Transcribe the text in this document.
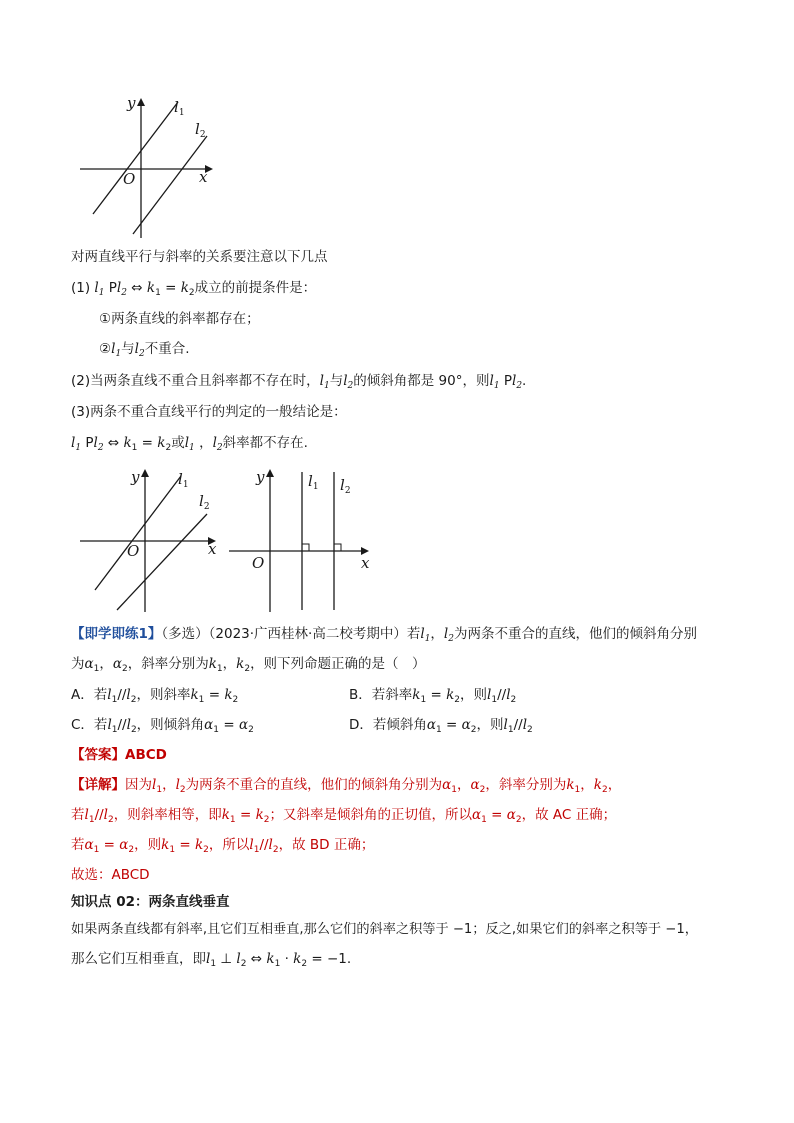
y
x
O
$l_1$
$l_2$
对两直线平行与斜率的关系要注意以下几点
(1) $l_1$ $Pl_2$ ⇔ $k_1 = k_2$成立的前提条件是：
①两条直线的斜率都存在；
$②l_1$与$l_2$不重合.
(2)当两条直线不重合且斜率都不存在时，$l_1$与$l_2$的倾斜角都是 90°，则$l_1$ $Pl_2$.
(3)两条不重合直线平行的判定的一般结论是：
$l_1$ $Pl_2$ ⇔ $k_1 = k_2$或$l_1$ ，$l_2$斜率都不存在.
y
x
O
$l_1$
$l_2$
y
x
O
$l_1$ $l_2$
【即学即练1】（多选）（2023·广西桂林·高二校考期中）若$l_1$，$l_2$为两条不重合的直线，他们的倾斜角分别
为$\alpha_1$，$\alpha_2$，斜率分别为$k_1$，$k_2$，则下列命题正确的是（　）
A．若$l_1//l_2$，则斜率$k_1 = k_2$	B．若斜率$k_1 = k_2$，则$l_1//l_2$
C．若$l_1//l_2$，则倾斜角$\alpha_1 = \alpha_2$	D．若倾斜角$\alpha_1 = \alpha_2$，则$l_1//l_2$
【答案】ABCD
【详解】因为$l_1$，$l_2$为两条不重合的直线，他们的倾斜角分别为$\alpha_1$，$\alpha_2$，斜率分别为$k_1$，$k_2$，
若$l_1//l_2$，则斜率相等，即$k_1 = k_2$；又斜率是倾斜角的正切值，所以$\alpha_1 = \alpha_2$，故 AC 正确；
若$\alpha_1 = \alpha_2$，则$k_1 = k_2$，所以$l_1//l_2$，故 BD 正确；
故选：ABCD
知识点 02：两条直线垂直
如果两条直线都有斜率,且它们互相垂直,那么它们的斜率之积等于 −1；反之,如果它们的斜率之积等于 −1，
那么它们互相垂直，即$l_1$ ⊥ $l_2$ ⇔ $k_1 \cdot k_2 = -1$.
